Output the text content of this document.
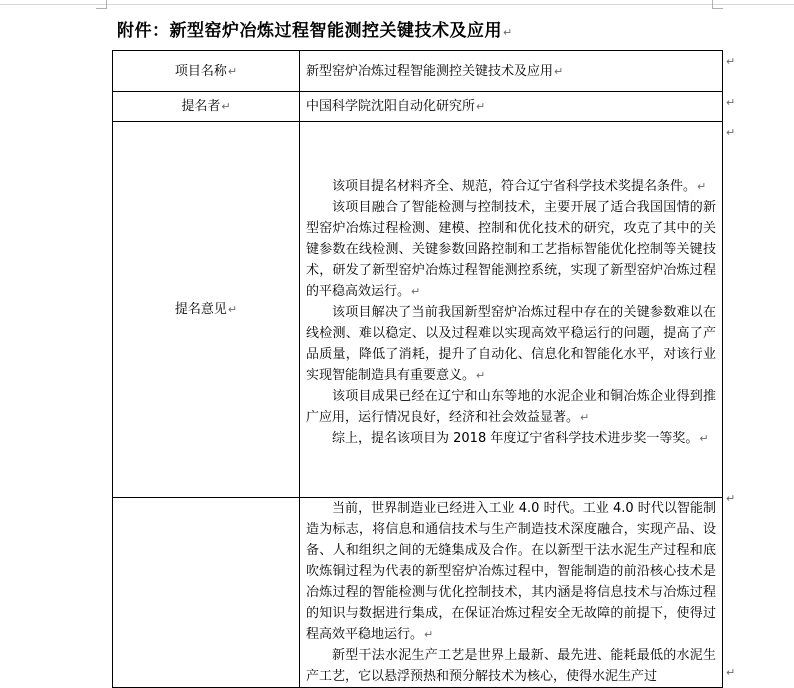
附件：新型窑炉冶炼过程智能测控关键技术及应用↵
↵
↵
↵
↵
↵
项目名称↵	新型窑炉冶炼过程智能测控关键技术及应用↵
提名者↵	中国科学院沈阳自动化研究所↵
提名意见↵	该项目提名材料齐全、规范，符合辽宁省科学技术奖提名条件。↵

该项目融合了智能检测与控制技术，主要开展了适合我国国情的新型窑炉冶炼过程检测、建模、控制和优化技术的研究，攻克了其中的关键参数在线检测、关键参数回路控制和工艺指标智能优化控制等关键技术，研发了新型窑炉冶炼过程智能测控系统，实现了新型窑炉冶炼过程的平稳高效运行。↵

该项目解决了当前我国新型窑炉冶炼过程中存在的关键参数难以在线检测、难以稳定、以及过程难以实现高效平稳运行的问题，提高了产品质量，降低了消耗，提升了自动化、信息化和智能化水平，对该行业实现智能制造具有重要意义。↵

该项目成果已经在辽宁和山东等地的水泥企业和铜冶炼企业得到推广应用，运行情况良好，经济和社会效益显著。↵

综上，提名该项目为 2018 年度辽宁省科学技术进步奖一等奖。↵

	当前，世界制造业已经进入工业 4.0 时代。工业 4.0 时代以智能制造为标志，将信息和通信技术与生产制造技术深度融合，实现产品、设备、人和组织之间的无缝集成及合作。在以新型干法水泥生产过程和底吹炼铜过程为代表的新型窑炉冶炼过程中，智能制造的前沿核心技术是冶炼过程的智能检测与优化控制技术，其内涵是将信息技术与冶炼过程的知识与数据进行集成，在保证冶炼过程安全无故障的前提下，使得过程高效平稳地运行。↵

新型干法水泥生产工艺是世界上最新、最先进、能耗最低的水泥生产工艺，它以悬浮预热和预分解技术为核心，使得水泥生产过
